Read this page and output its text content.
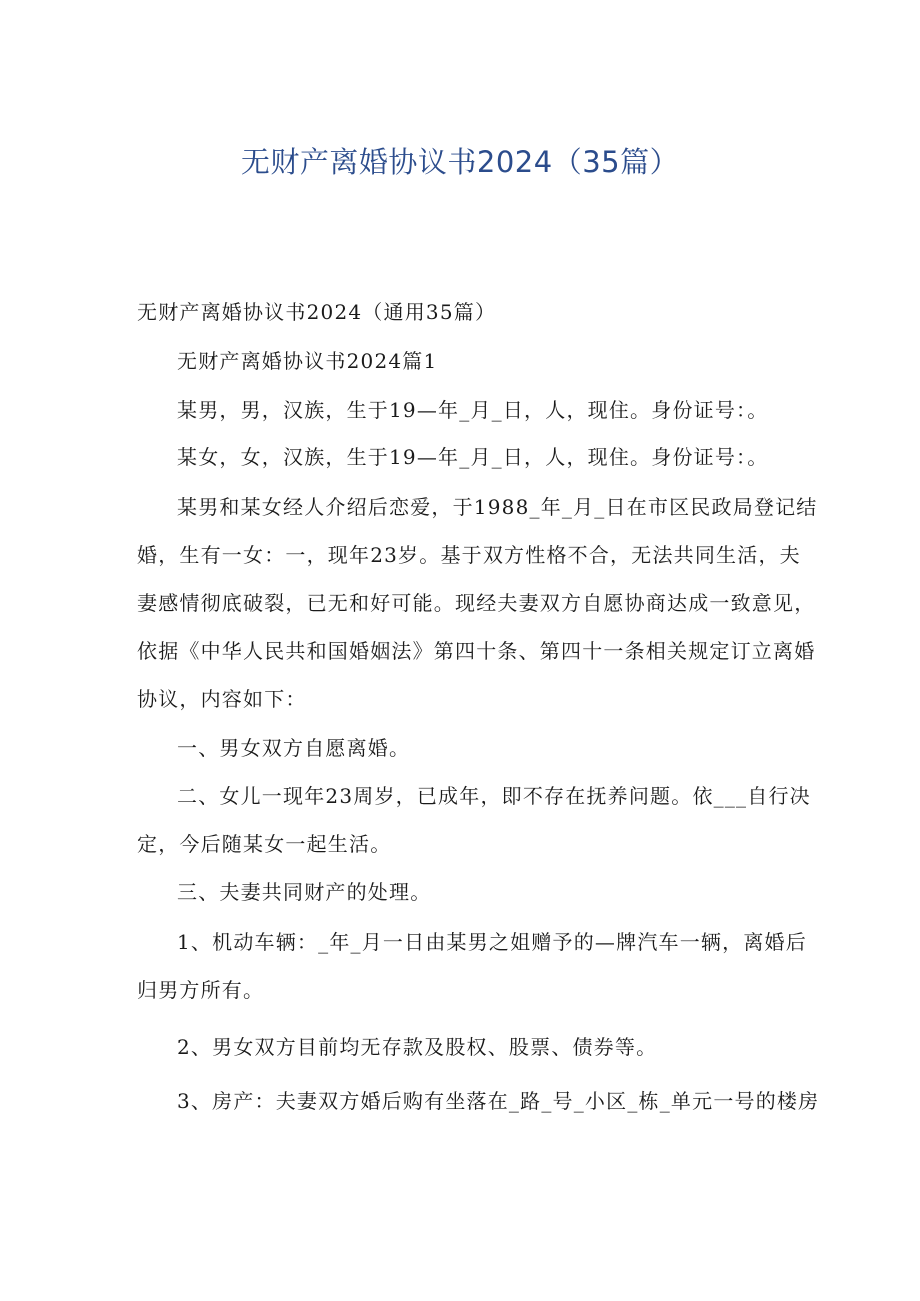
无财产离婚协议书2024（35篇）

无财产离婚协议书2024（通用35篇）

无财产离婚协议书2024篇1

某男，男，汉族，生于19—年_月_日，人，现住。身份证号：。

某女，女，汉族，生于19—年_月_日，人，现住。身份证号：。

某男和某女经人介绍后恋爱，于1988_年_月_日在市区民政局登记结

婚，生有一女：一，现年23岁。基于双方性格不合，无法共同生活，夫

妻感情彻底破裂，已无和好可能。现经夫妻双方自愿协商达成一致意见，

依据《中华人民共和国婚姻法》第四十条、第四十一条相关规定订立离婚

协议，内容如下：

一、男女双方自愿离婚。

二、女儿一现年23周岁，已成年，即不存在抚养问题。依___自行决

定，今后随某女一起生活。

三、夫妻共同财产的处理。

1、机动车辆：_年_月一日由某男之姐赠予的—牌汽车一辆，离婚后

归男方所有。

2、男女双方目前均无存款及股权、股票、债券等。

3、房产：夫妻双方婚后购有坐落在_路_号_小区_栋_单元一号的楼房
